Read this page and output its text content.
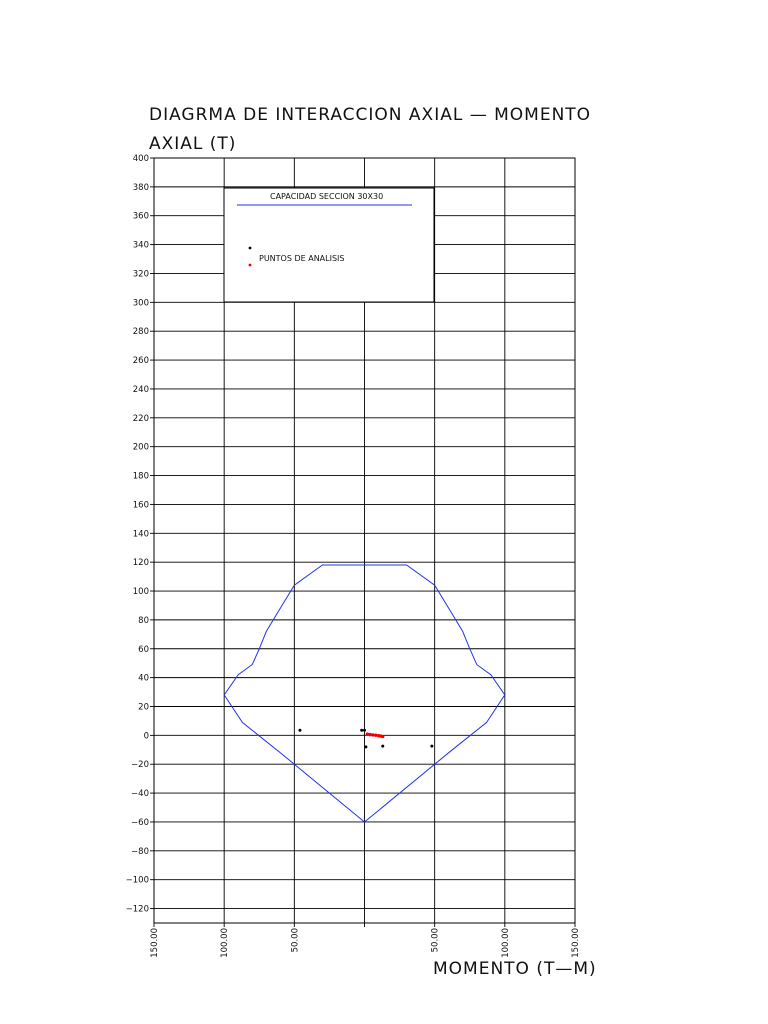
DIAGRMA DE INTERACCION AXIAL — MOMENTO
AXIAL (T)
MOMENTO (T—M)
−120
−100
−80
−60
−40
−20
0
20
40
60
80
100
120
140
160
180
200
220
240
260
280
300
320
340
360
380
400
150.00	100.00	50.00	50.00	100.00	150.00
CAPACIDAD SECCION 30X30
PUNTOS DE ANALISIS
